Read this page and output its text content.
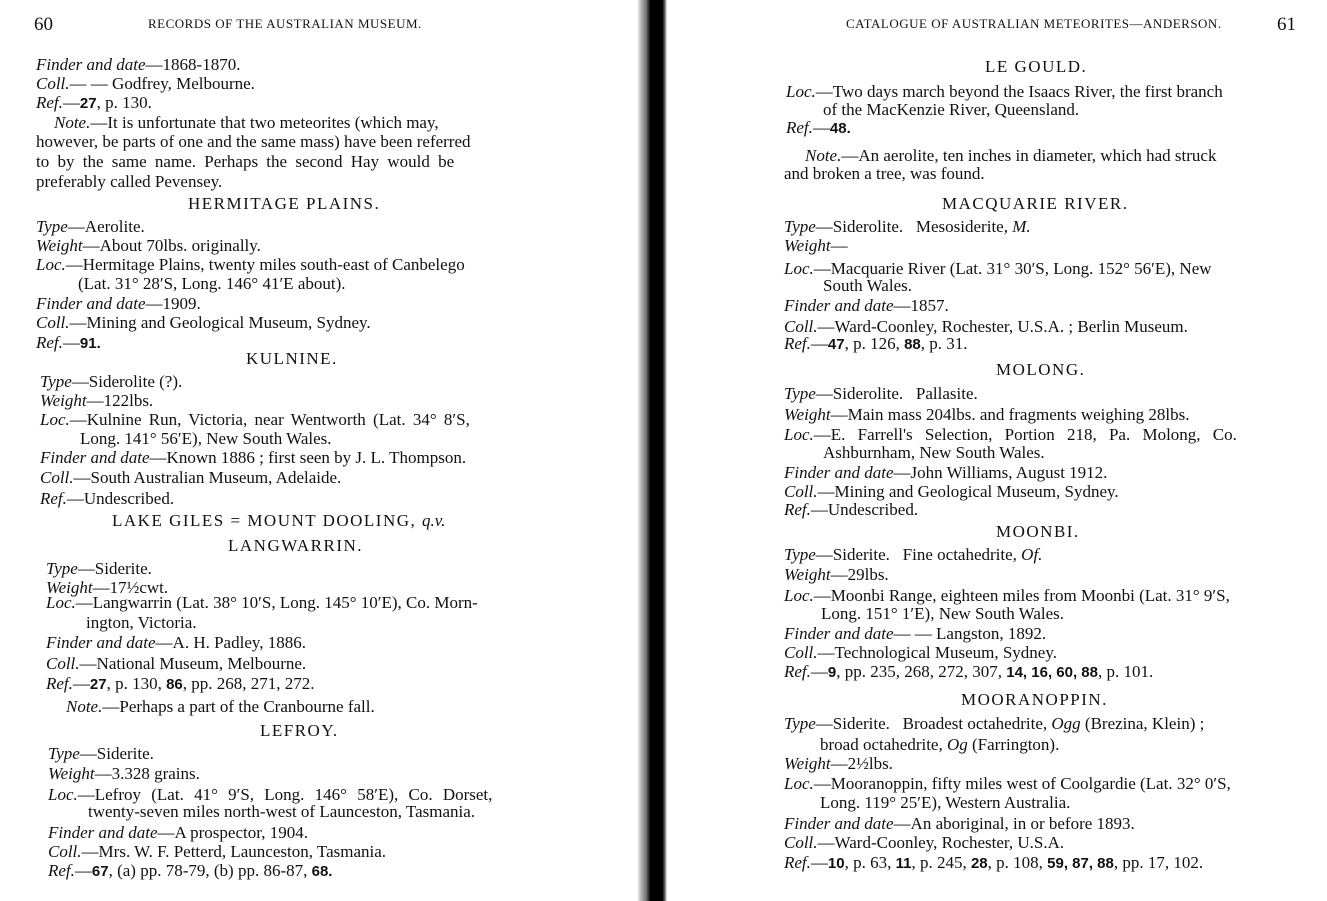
60	RECORDS OF THE AUSTRALIAN MUSEUM.
Finder and date—1868-1870.
Coll.— — Godfrey, Melbourne.
Ref.—27, p. 130.
Note.—It is unfortunate that two meteorites (which may,
however, be parts of one and the same mass) have been referred
to by the same name. Perhaps the second Hay would be
preferably called Pevensey.
HERMITAGE PLAINS.
Type—Aerolite.
Weight—About 70lbs. originally.
Loc.—Hermitage Plains, twenty miles south-east of Canbelego
(Lat. 31° 28′S, Long. 146° 41′E about).
Finder and date—1909.
Coll.—Mining and Geological Museum, Sydney.
Ref.—91.
KULNINE.
Type—Siderolite (?).
Weight—122lbs.
Loc.—Kulnine Run, Victoria, near Wentworth (Lat. 34° 8′S,
Long. 141° 56′E), New South Wales.
Finder and date—Known 1886 ; first seen by J. L. Thompson.
Coll.—South Australian Museum, Adelaide.
Ref.—Undescribed.
LAKE GILES = MOUNT DOOLING, q.v.
LANGWARRIN.
Type—Siderite.
Weight—17½cwt.
Loc.—Langwarrin (Lat. 38° 10′S, Long. 145° 10′E), Co. Morn-
ington, Victoria.
Finder and date—A. H. Padley, 1886.
Coll.—National Museum, Melbourne.
Ref.—27, p. 130, 86, pp. 268, 271, 272.
Note.—Perhaps a part of the Cranbourne fall.
LEFROY.
Type—Siderite.
Weight—3.328 grains.
Loc.—Lefroy (Lat. 41° 9′S, Long. 146° 58′E), Co. Dorset,
twenty-seven miles north-west of Launceston, Tasmania.
Finder and date—A prospector, 1904.
Coll.—Mrs. W. F. Petterd, Launceston, Tasmania.
Ref.—67, (a) pp. 78-79, (b) pp. 86-87, 68.
CATALOGUE OF AUSTRALIAN METEORITES—ANDERSON.	61
LE GOULD.
Loc.—Two days march beyond the Isaacs River, the first branch
of the MacKenzie River, Queensland.
Ref.—48.
Note.—An aerolite, ten inches in diameter, which had struck
and broken a tree, was found.
MACQUARIE RIVER.
Type—Siderolite.   Mesosiderite, M.
Weight—
Loc.—Macquarie River (Lat. 31° 30′S, Long. 152° 56′E), New
South Wales.
Finder and date—1857.
Coll.—Ward-Coonley, Rochester, U.S.A. ; Berlin Museum.
Ref.—47, p. 126, 88, p. 31.
MOLONG.
Type—Siderolite.   Pallasite.
Weight—Main mass 204lbs. and fragments weighing 28lbs.
Loc.—E. Farrell's Selection, Portion 218, Pa. Molong, Co.
Ashburnham, New South Wales.
Finder and date—John Williams, August 1912.
Coll.—Mining and Geological Museum, Sydney.
Ref.—Undescribed.
MOONBI.
Type—Siderite.   Fine octahedrite, Of.
Weight—29lbs.
Loc.—Moonbi Range, eighteen miles from Moonbi (Lat. 31° 9′S,
Long. 151° 1′E), New South Wales.
Finder and date— — Langston, 1892.
Coll.—Technological Museum, Sydney.
Ref.—9, pp. 235, 268, 272, 307, 14, 16, 60, 88, p. 101.
MOORANOPPIN.
Type—Siderite.   Broadest octahedrite, Ogg (Brezina, Klein) ;
broad octahedrite, Og (Farrington).
Weight—2½lbs.
Loc.—Mooranoppin, fifty miles west of Coolgardie (Lat. 32° 0′S,
Long. 119° 25′E), Western Australia.
Finder and date—An aboriginal, in or before 1893.
Coll.—Ward-Coonley, Rochester, U.S.A.
Ref.—10, p. 63, 11, p. 245, 28, p. 108, 59, 87, 88, pp. 17, 102.
